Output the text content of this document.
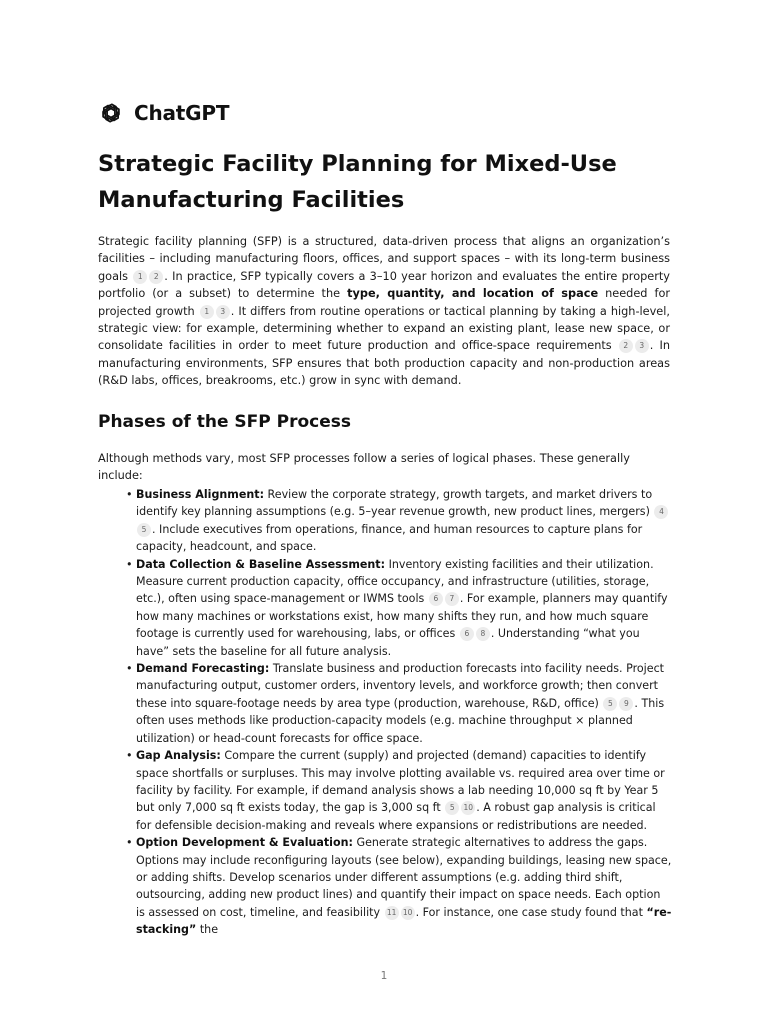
ChatGPT
Strategic Facility Planning for Mixed-Use Manufacturing Facilities

Strategic facility planning (SFP) is a structured, data-driven process that aligns an organization’s facilities – including manufacturing floors, offices, and support spaces – with its long-term business goals 1 2 . In practice, SFP typically covers a 3–10 year horizon and evaluates the entire property portfolio (or a subset) to determine the type, quantity, and location of space needed for projected growth 1 3 . It differs from routine operations or tactical planning by taking a high-level, strategic view: for example, determining whether to expand an existing plant, lease new space, or consolidate facilities in order to meet future production and office-space requirements 2 3 . In manufacturing environments, SFP ensures that both production capacity and non-production areas (R&D labs, offices, breakrooms, etc.) grow in sync with demand.

Phases of the SFP Process

Although methods vary, most SFP processes follow a series of logical phases. These generally include:

• Business Alignment: Review the corporate strategy, growth targets, and market drivers to identify key planning assumptions (e.g. 5–year revenue growth, new product lines, mergers) 45 . Include executives from operations, finance, and human resources to capture plans for capacity, headcount, and space.
• Data Collection & Baseline Assessment: Inventory existing facilities and their utilization. Measure current production capacity, office occupancy, and infrastructure (utilities, storage, etc.), often using space-management or IWMS tools 6 7 . For example, planners may quantify how many machines or workstations exist, how many shifts they run, and how much square footage is currently used for warehousing, labs, or offices 6 8 . Understanding “what you have” sets the baseline for all future analysis.
• Demand Forecasting: Translate business and production forecasts into facility needs. Project manufacturing output, customer orders, inventory levels, and workforce growth; then convert these into square-footage needs by area type (production, warehouse, R&D, office) 5 9 . This often uses methods like production-capacity models (e.g. machine throughput × planned utilization) or head-count forecasts for office space.
• Gap Analysis: Compare the current (supply) and projected (demand) capacities to identify space shortfalls or surpluses. This may involve plotting available vs. required area over time or facility by facility. For example, if demand analysis shows a lab needing 10,000 sq ft by Year 5 but only 7,000 sq ft exists today, the gap is 3,000 sq ft 5 10 . A robust gap analysis is critical for defensible decision-making and reveals where expansions or redistributions are needed.
• Option Development & Evaluation: Generate strategic alternatives to address the gaps. Options may include reconfiguring layouts (see below), expanding buildings, leasing new space, or adding shifts. Develop scenarios under different assumptions (e.g. adding third shift, outsourcing, adding new product lines) and quantify their impact on space needs. Each option is assessed on cost, timeline, and feasibility 11 10 . For instance, one case study found that “re-stacking” the
1
